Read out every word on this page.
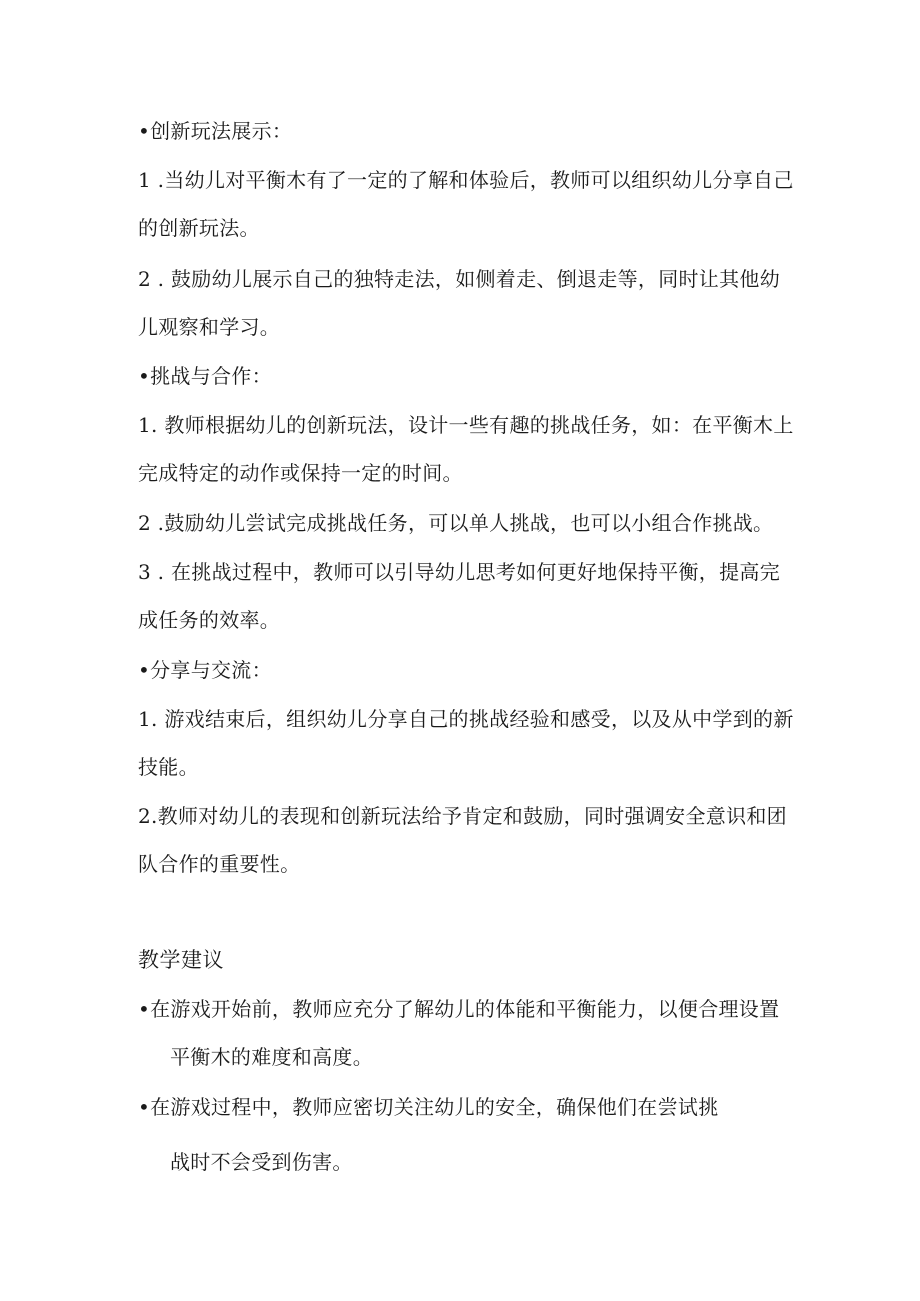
•创新玩法展示：
1 .当幼儿对平衡木有了一定的了解和体验后，教师可以组织幼儿分享自己
的创新玩法。
2 . 鼓励幼儿展示自己的独特走法，如侧着走、倒退走等，同时让其他幼
儿观察和学习。
•挑战与合作：
1. 教师根据幼儿的创新玩法，设计一些有趣的挑战任务，如：在平衡木上
完成特定的动作或保持一定的时间。
2 .鼓励幼儿尝试完成挑战任务，可以单人挑战，也可以小组合作挑战。
3 . 在挑战过程中，教师可以引导幼儿思考如何更好地保持平衡，提高完
成任务的效率。
•分享与交流：
1. 游戏结束后，组织幼儿分享自己的挑战经验和感受，以及从中学到的新
技能。
2.教师对幼儿的表现和创新玩法给予肯定和鼓励，同时强调安全意识和团
队合作的重要性。
教学建议
•在游戏开始前，教师应充分了解幼儿的体能和平衡能力，以便合理设置
平衡木的难度和高度。
•在游戏过程中，教师应密切关注幼儿的安全，确保他们在尝试挑
战时不会受到伤害。
